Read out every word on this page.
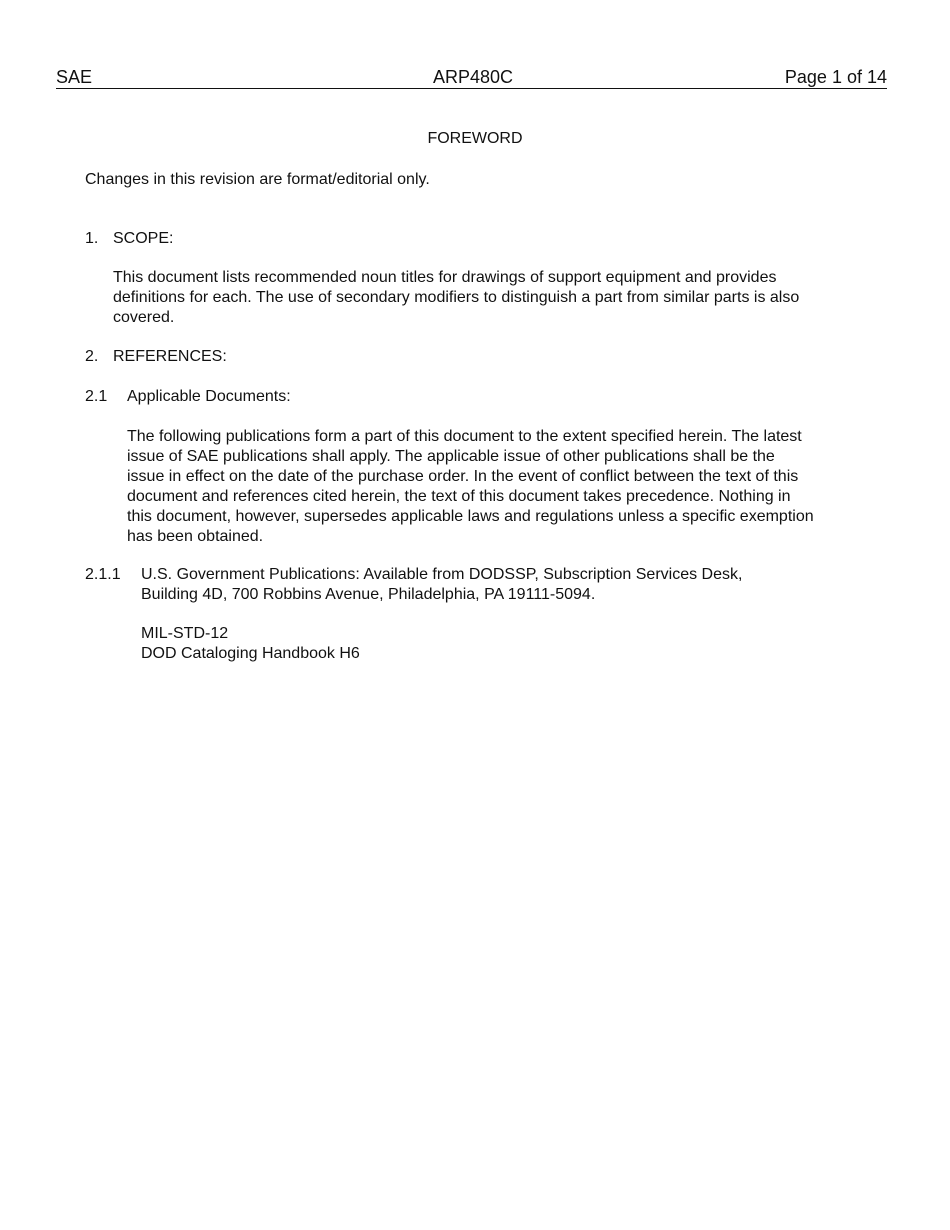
SAE	ARP480C	Page 1 of 14
FOREWORD
Changes in this revision are format/editorial only.
1. SCOPE:
This document lists recommended noun titles for drawings of support equipment and provides
definitions for each. The use of secondary modifiers to distinguish a part from similar parts is also
covered.
2. REFERENCES:
2.1 Applicable Documents:
The following publications form a part of this document to the extent specified herein. The latest
issue of SAE publications shall apply. The applicable issue of other publications shall be the
issue in effect on the date of the purchase order. In the event of conflict between the text of this
document and references cited herein, the text of this document takes precedence. Nothing in
this document, however, supersedes applicable laws and regulations unless a specific exemption
has been obtained.
2.1.1 U.S. Government Publications: Available from DODSSP, Subscription Services Desk,
Building 4D, 700 Robbins Avenue, Philadelphia, PA 19111-5094.
MIL-STD-12
DOD Cataloging Handbook H6
